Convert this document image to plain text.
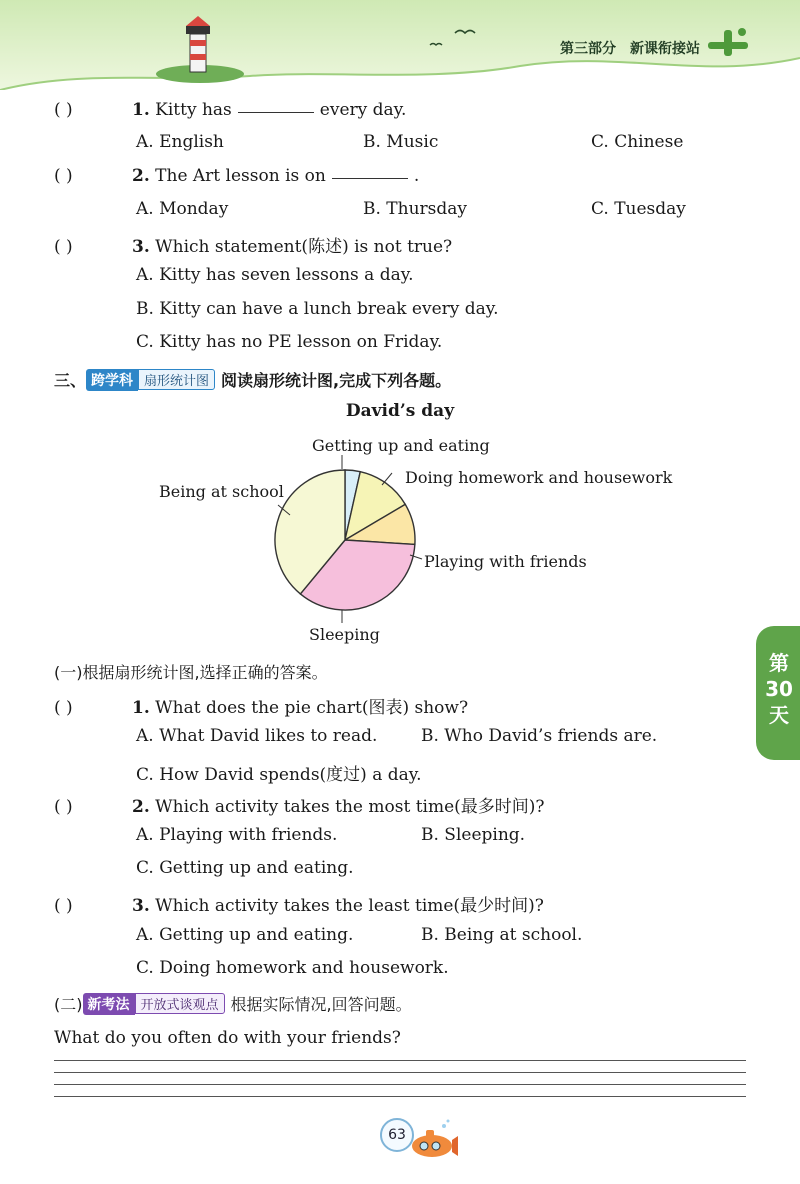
第三部分 新课衔接站
( )	1. Kitty has	every day.
A. English	B. Music	C. Chinese
( )	2. The Art lesson is on	.
A. Monday	B. Thursday	C. Tuesday
( )	3. Which statement(陈述) is not true?
A. Kitty has seven lessons a day.
B. Kitty can have a lunch break every day.
C. Kitty has no PE lesson on Friday.
三、 跨学科 扇形统计图 阅读扇形统计图,完成下列各题。
David’s day
Getting up and eating
Doing homework and housework
Playing with friends
Sleeping
Being at school
(一)根据扇形统计图,选择正确的答案。
( )	1. What does the pie chart(图表) show?
A. What David likes to read.	B. Who David’s friends are.
C. How David spends(度过) a day.
( )	2. Which activity takes the most time(最多时间)?
A. Playing with friends.	B. Sleeping.
C. Getting up and eating.
( )	3. Which activity takes the least time(最少时间)?
A. Getting up and eating.	B. Being at school.
C. Doing homework and housework.
(二) 新考法 开放式谈观点 根据实际情况,回答问题。
What do you often do with your friends?
第
30
天
63
